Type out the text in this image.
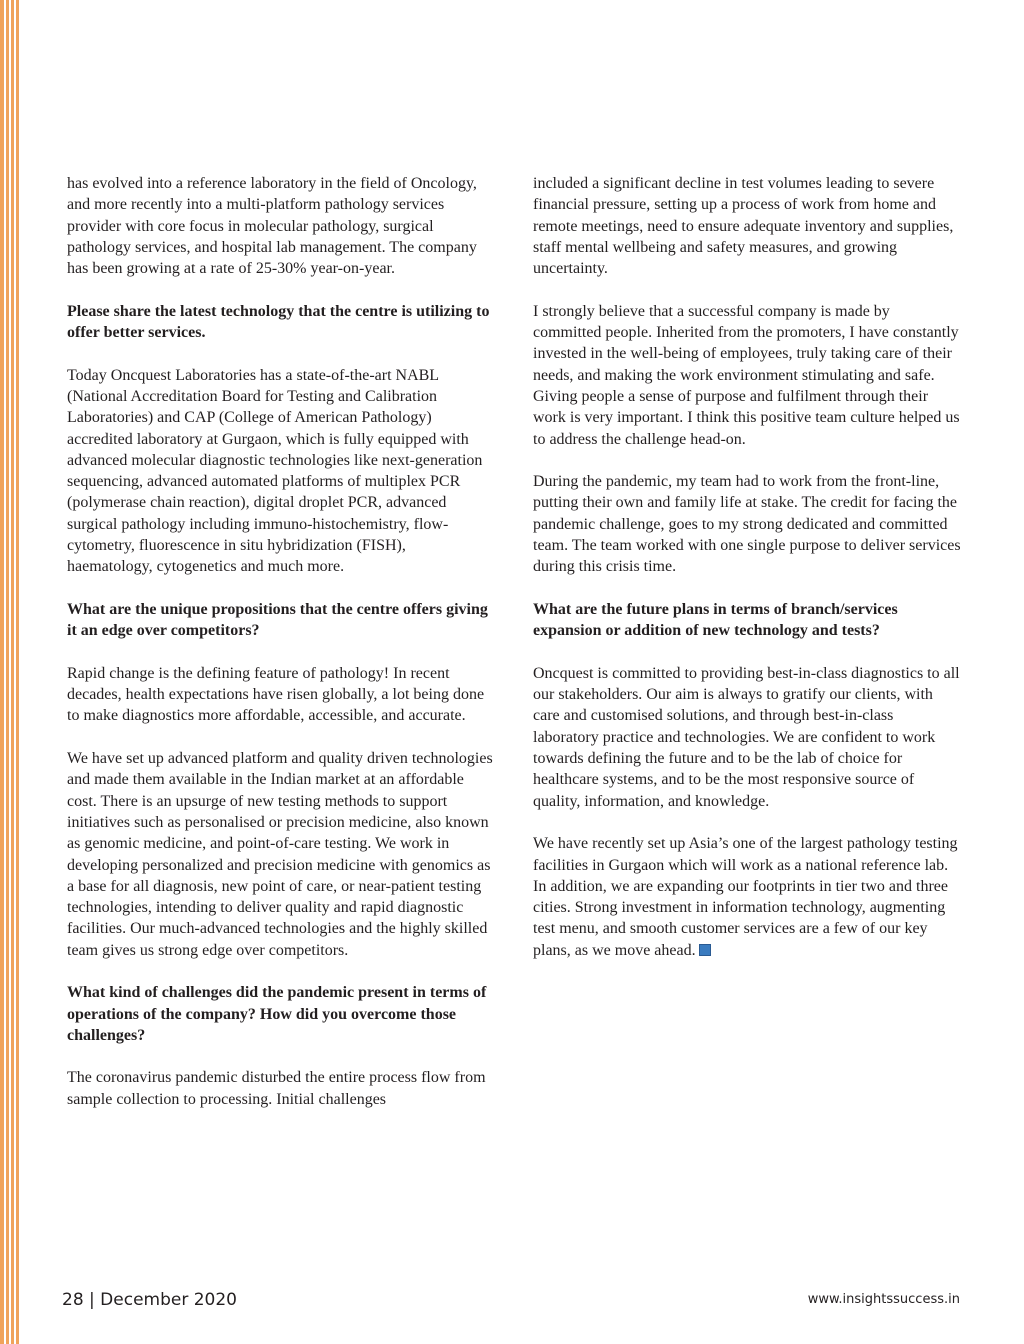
has evolved into a reference laboratory in the field of Oncology, and more recently into a multi-platform pathology services provider with core focus in molecular pathology, surgical pathology services, and hospital lab management. The company has been growing at a rate of 25-30% year-on-year.

Please share the latest technology that the centre is utilizing to offer better services.

Today Oncquest Laboratories has a state-of-the-art NABL (National Accreditation Board for Testing and Calibration Laboratories) and CAP (College of American Pathology) accredited laboratory at Gurgaon, which is fully equipped with advanced molecular diagnostic technologies like next-generation sequencing, advanced automated platforms of multiplex PCR (polymerase chain reaction), digital droplet PCR, advanced surgical pathology including immuno-histochemistry, flow-cytometry, fluorescence in situ hybridization (FISH), haematology, cytogenetics and much more.

What are the unique propositions that the centre offers giving it an edge over competitors?

Rapid change is the defining feature of pathology! In recent decades, health expectations have risen globally, a lot being done to make diagnostics more affordable, accessible, and accurate.

We have set up advanced platform and quality driven technologies and made them available in the Indian market at an affordable cost. There is an upsurge of new testing methods to support initiatives such as personalised or precision medicine, also known as genomic medicine, and point-of-care testing. We work in developing personalized and precision medicine with genomics as a base for all diagnosis, new point of care, or near-patient testing technologies, intending to deliver quality and rapid diagnostic facilities. Our much-advanced technologies and the highly skilled team gives us strong edge over competitors.

What kind of challenges did the pandemic present in terms of operations of the company? How did you overcome those challenges?

The coronavirus pandemic disturbed the entire process flow from sample collection to processing. Initial challenges

included a significant decline in test volumes leading to severe financial pressure, setting up a process of work from home and remote meetings, need to ensure adequate inventory and supplies, staff mental wellbeing and safety measures, and growing uncertainty.

I strongly believe that a successful company is made by committed people. Inherited from the promoters, I have constantly invested in the well-being of employees, truly taking care of their needs, and making the work environment stimulating and safe. Giving people a sense of purpose and fulfilment through their work is very important. I think this positive team culture helped us to address the challenge head-on.

During the pandemic, my team had to work from the front-line, putting their own and family life at stake. The credit for facing the pandemic challenge, goes to my strong dedicated and committed team. The team worked with one single purpose to deliver services during this crisis time.

What are the future plans in terms of branch/services expansion or addition of new technology and tests?

Oncquest is committed to providing best-in-class diagnostics to all our stakeholders. Our aim is always to gratify our clients, with care and customised solutions, and through best-in-class laboratory practice and technologies. We are confident to work towards defining the future and to be the lab of choice for healthcare systems, and to be the most responsive source of quality, information, and knowledge.

We have recently set up Asia’s one of the largest pathology testing facilities in Gurgaon which will work as a national reference lab. In addition, we are expanding our footprints in tier two and three cities. Strong investment in information technology, augmenting test menu, and smooth customer services are a few of our key plans, as we move ahead.

28 | December 2020	www.insightssuccess.in
